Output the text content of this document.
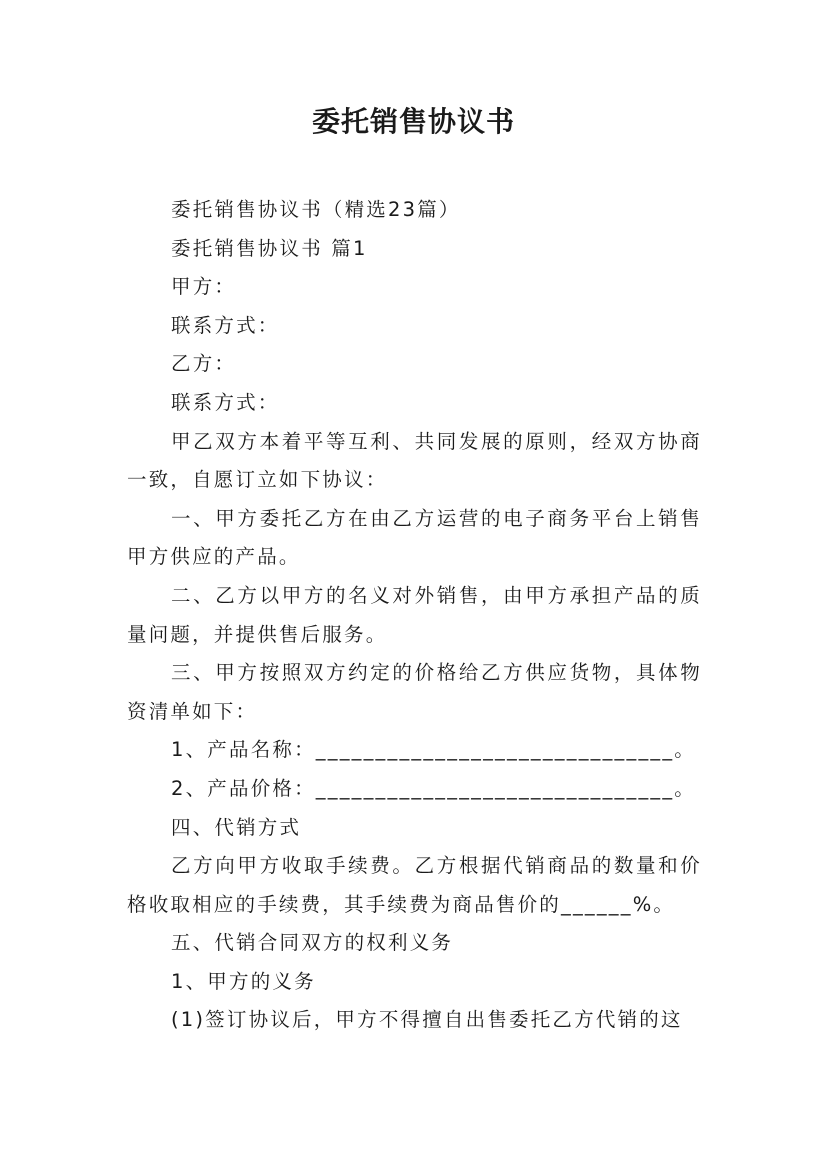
委托销售协议书

委托销售协议书（精选23篇）

委托销售协议书 篇1

甲方：

联系方式：

乙方：

联系方式：

甲乙双方本着平等互利、共同发展的原则，经双方协商一致，自愿订立如下协议：

一、甲方委托乙方在由乙方运营的电子商务平台上销售甲方供应的产品。

二、乙方以甲方的名义对外销售，由甲方承担产品的质量问题，并提供售后服务。

三、甲方按照双方约定的价格给乙方供应货物，具体物资清单如下：

1、产品名称：______________________________。

2、产品价格：______________________________。

四、代销方式

乙方向甲方收取手续费。乙方根据代销商品的数量和价格收取相应的手续费，其手续费为商品售价的______%。

五、代销合同双方的权利义务

1、甲方的义务

(1)签订协议后，甲方不得擅自出售委托乙方代销的这
